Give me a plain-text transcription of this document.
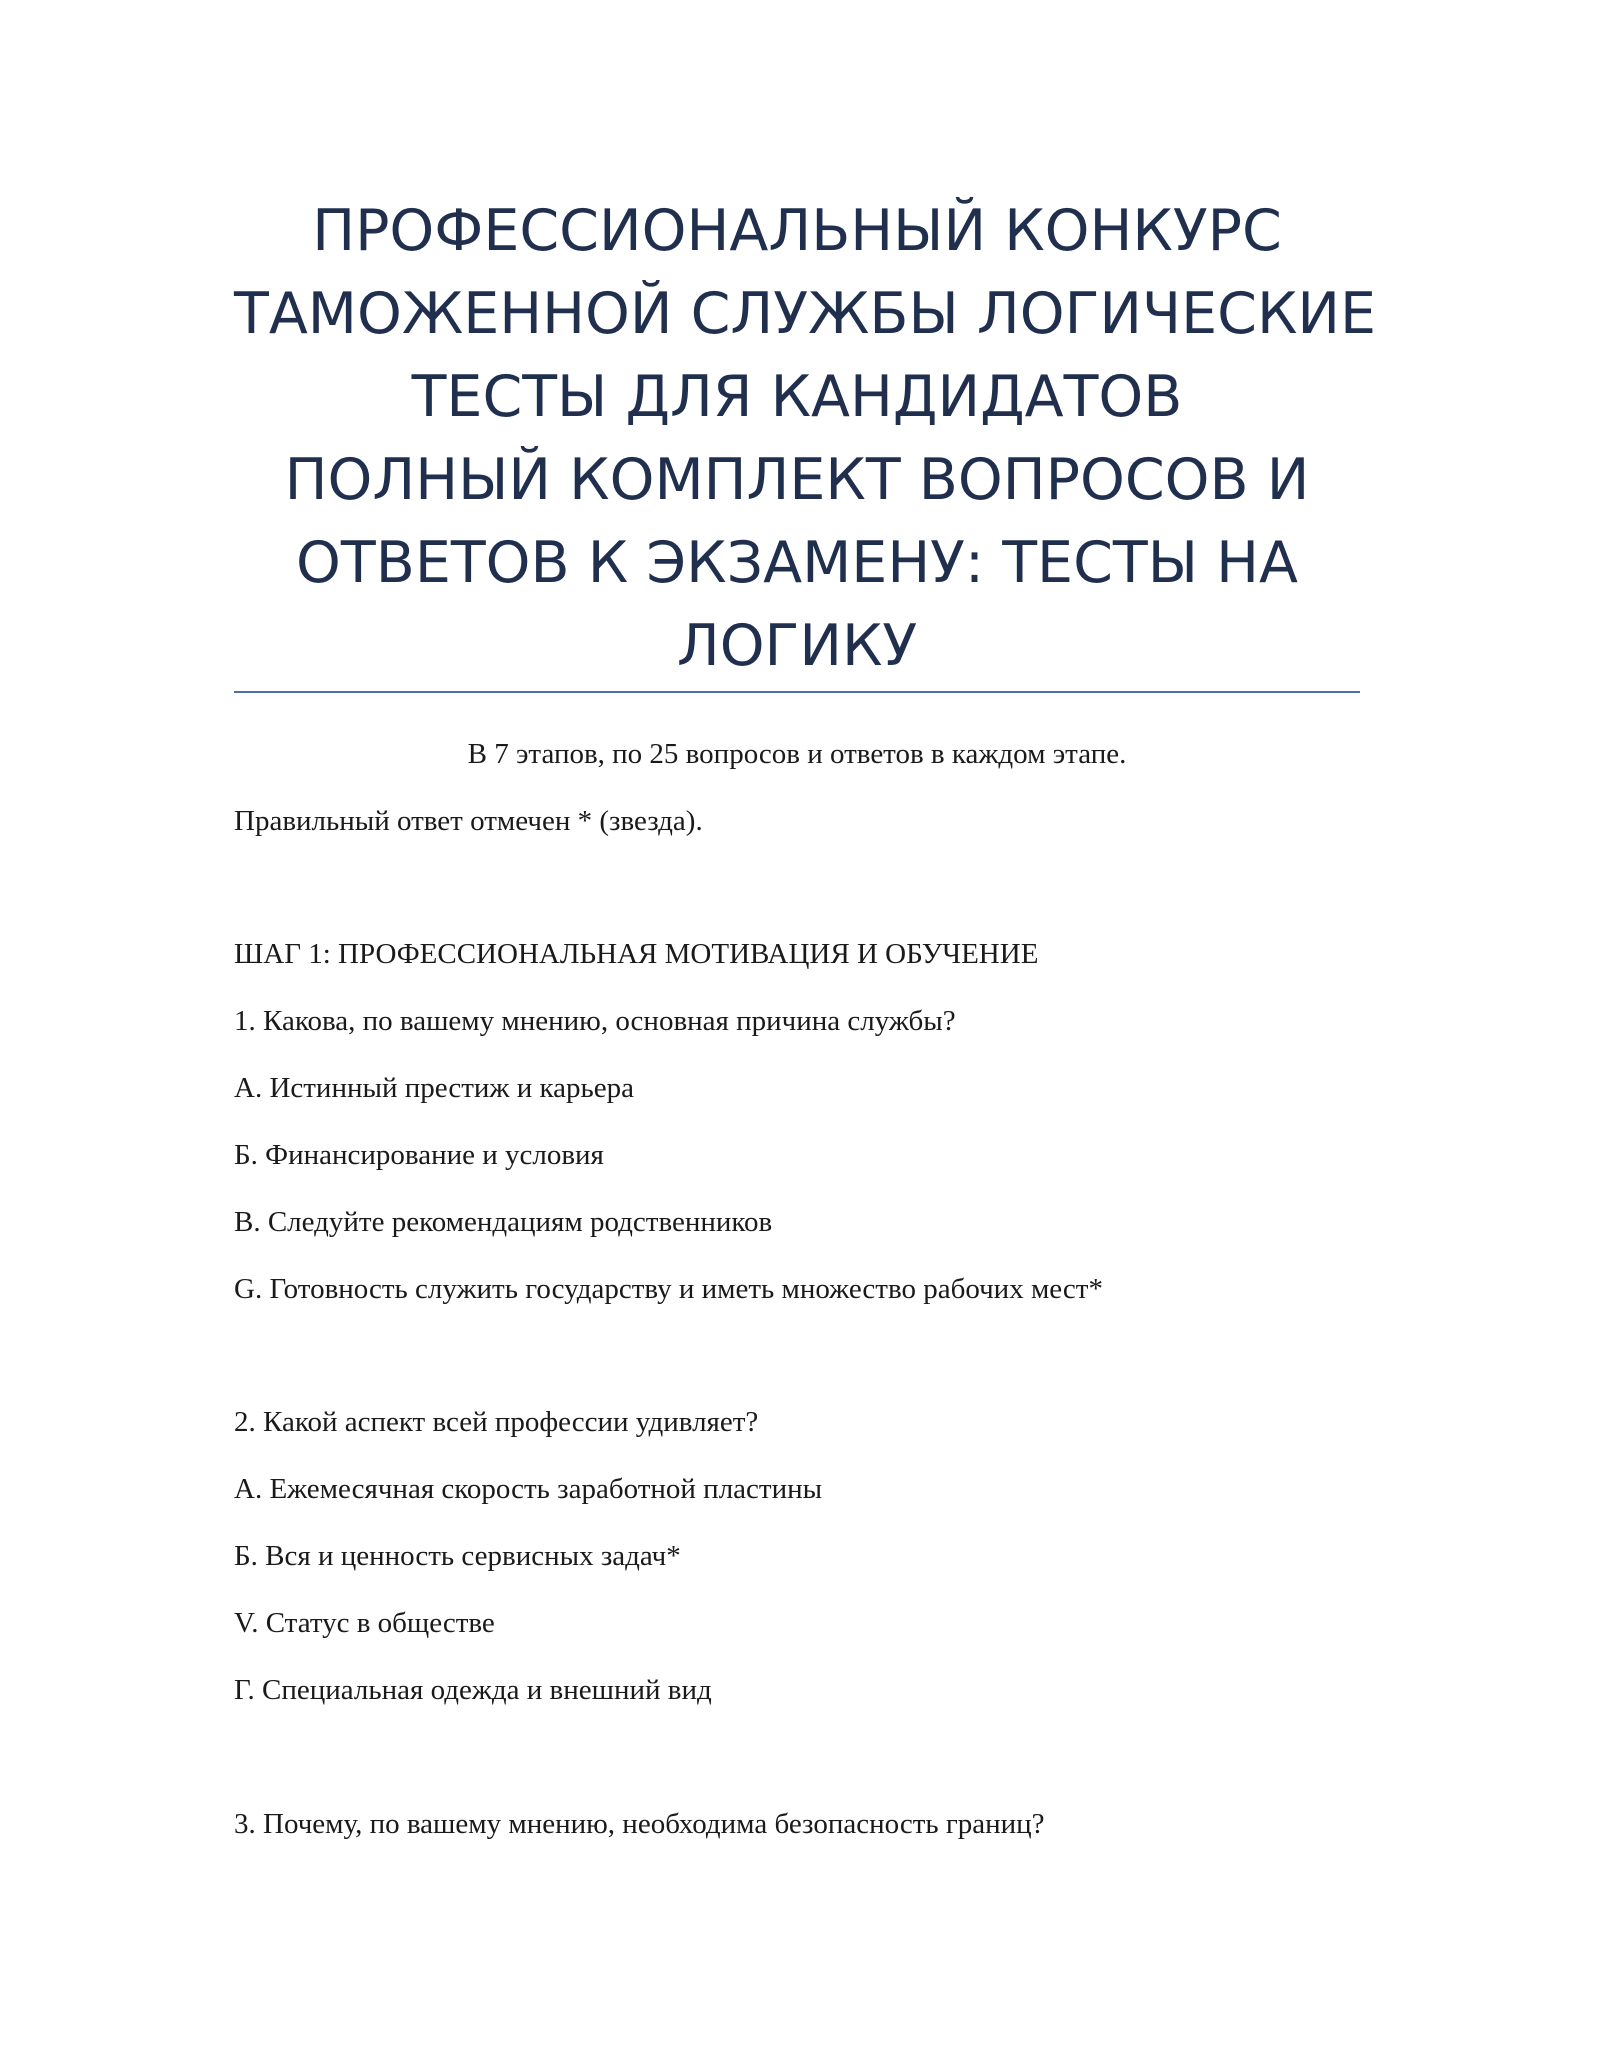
ПРОФЕССИОНАЛЬНЫЙ КОНКУРС
ТАМОЖЕННОЙ СЛУЖБЫ ЛОГИЧЕСКИЕ
ТЕСТЫ ДЛЯ КАНДИДАТОВ
ПОЛНЫЙ КОМПЛЕКТ ВОПРОСОВ И
ОТВЕТОВ К ЭКЗАМЕНУ: ТЕСТЫ НА
ЛОГИКУ
В 7 этапов, по 25 вопросов и ответов в каждом этапе.
Правильный ответ отмечен * (звезда).
ШАГ 1: ПРОФЕССИОНАЛЬНАЯ МОТИВАЦИЯ И ОБУЧЕНИЕ
1. Какова, по вашему мнению, основная причина службы?
A. Истинный престиж и карьера
Б. Финансирование и условия
В. Следуйте рекомендациям родственников
G. Готовность служить государству и иметь множество рабочих мест*
2. Какой аспект всей профессии удивляет?
A. Ежемесячная скорость заработной пластины
Б. Вся и ценность сервисных задач*
V. Статус в обществе
Г. Специальная одежда и внешний вид
3. Почему, по вашему мнению, необходима безопасность границ?
